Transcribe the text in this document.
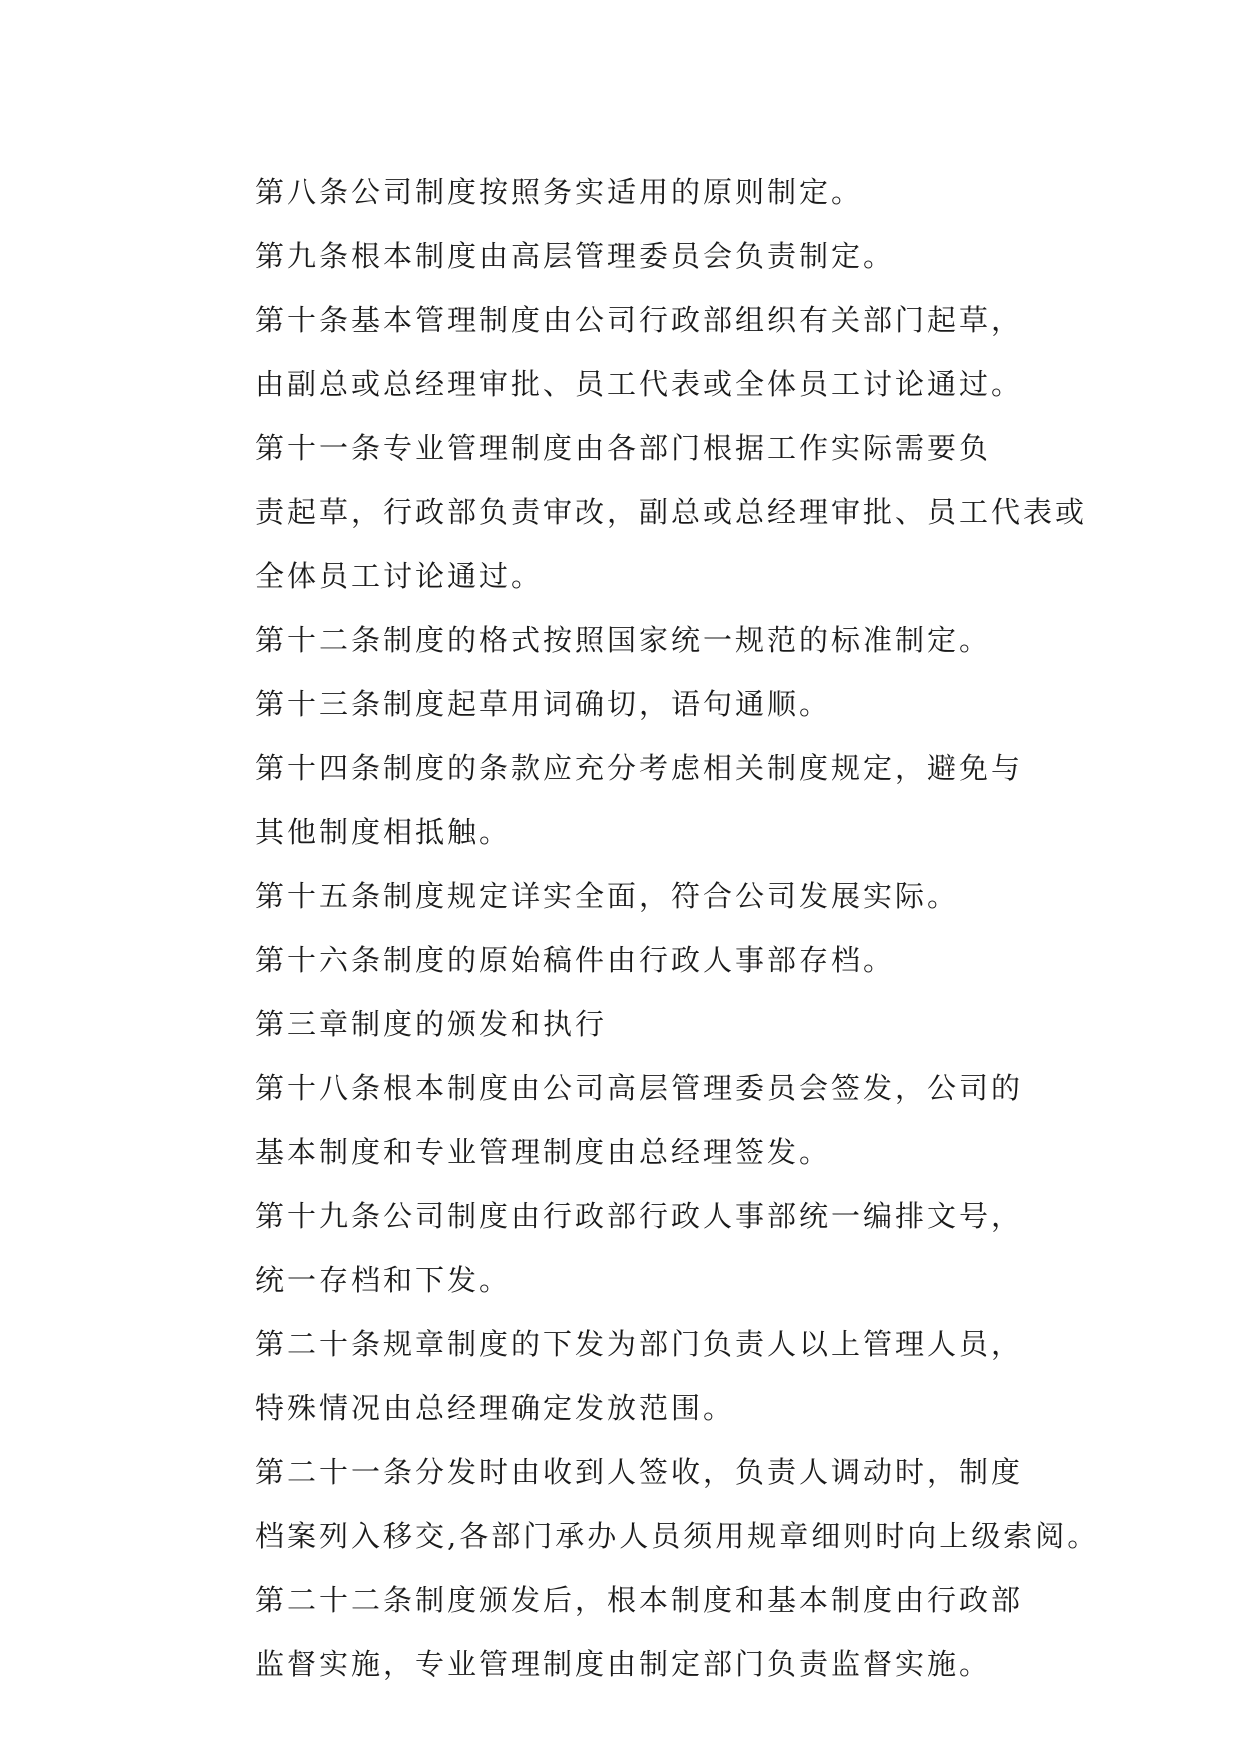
第八条公司制度按照务实适用的原则制定。

第九条根本制度由高层管理委员会负责制定。

第十条基本管理制度由公司行政部组织有关部门起草，
由副总或总经理审批、员工代表或全体员工讨论通过。

第十一条专业管理制度由各部门根据工作实际需要负
责起草，行政部负责审改，副总或总经理审批、员工代表或
全体员工讨论通过。

第十二条制度的格式按照国家统一规范的标准制定。

第十三条制度起草用词确切，语句通顺。

第十四条制度的条款应充分考虑相关制度规定，避免与
其他制度相抵触。

第十五条制度规定详实全面，符合公司发展实际。

第十六条制度的原始稿件由行政人事部存档。

第三章制度的颁发和执行

第十八条根本制度由公司高层管理委员会签发，公司的
基本制度和专业管理制度由总经理签发。

第十九条公司制度由行政部行政人事部统一编排文号，
统一存档和下发。

第二十条规章制度的下发为部门负责人以上管理人员，
特殊情况由总经理确定发放范围。

第二十一条分发时由收到人签收，负责人调动时，制度
档案列入移交,各部门承办人员须用规章细则时向上级索阅。

第二十二条制度颁发后，根本制度和基本制度由行政部
监督实施，专业管理制度由制定部门负责监督实施。
